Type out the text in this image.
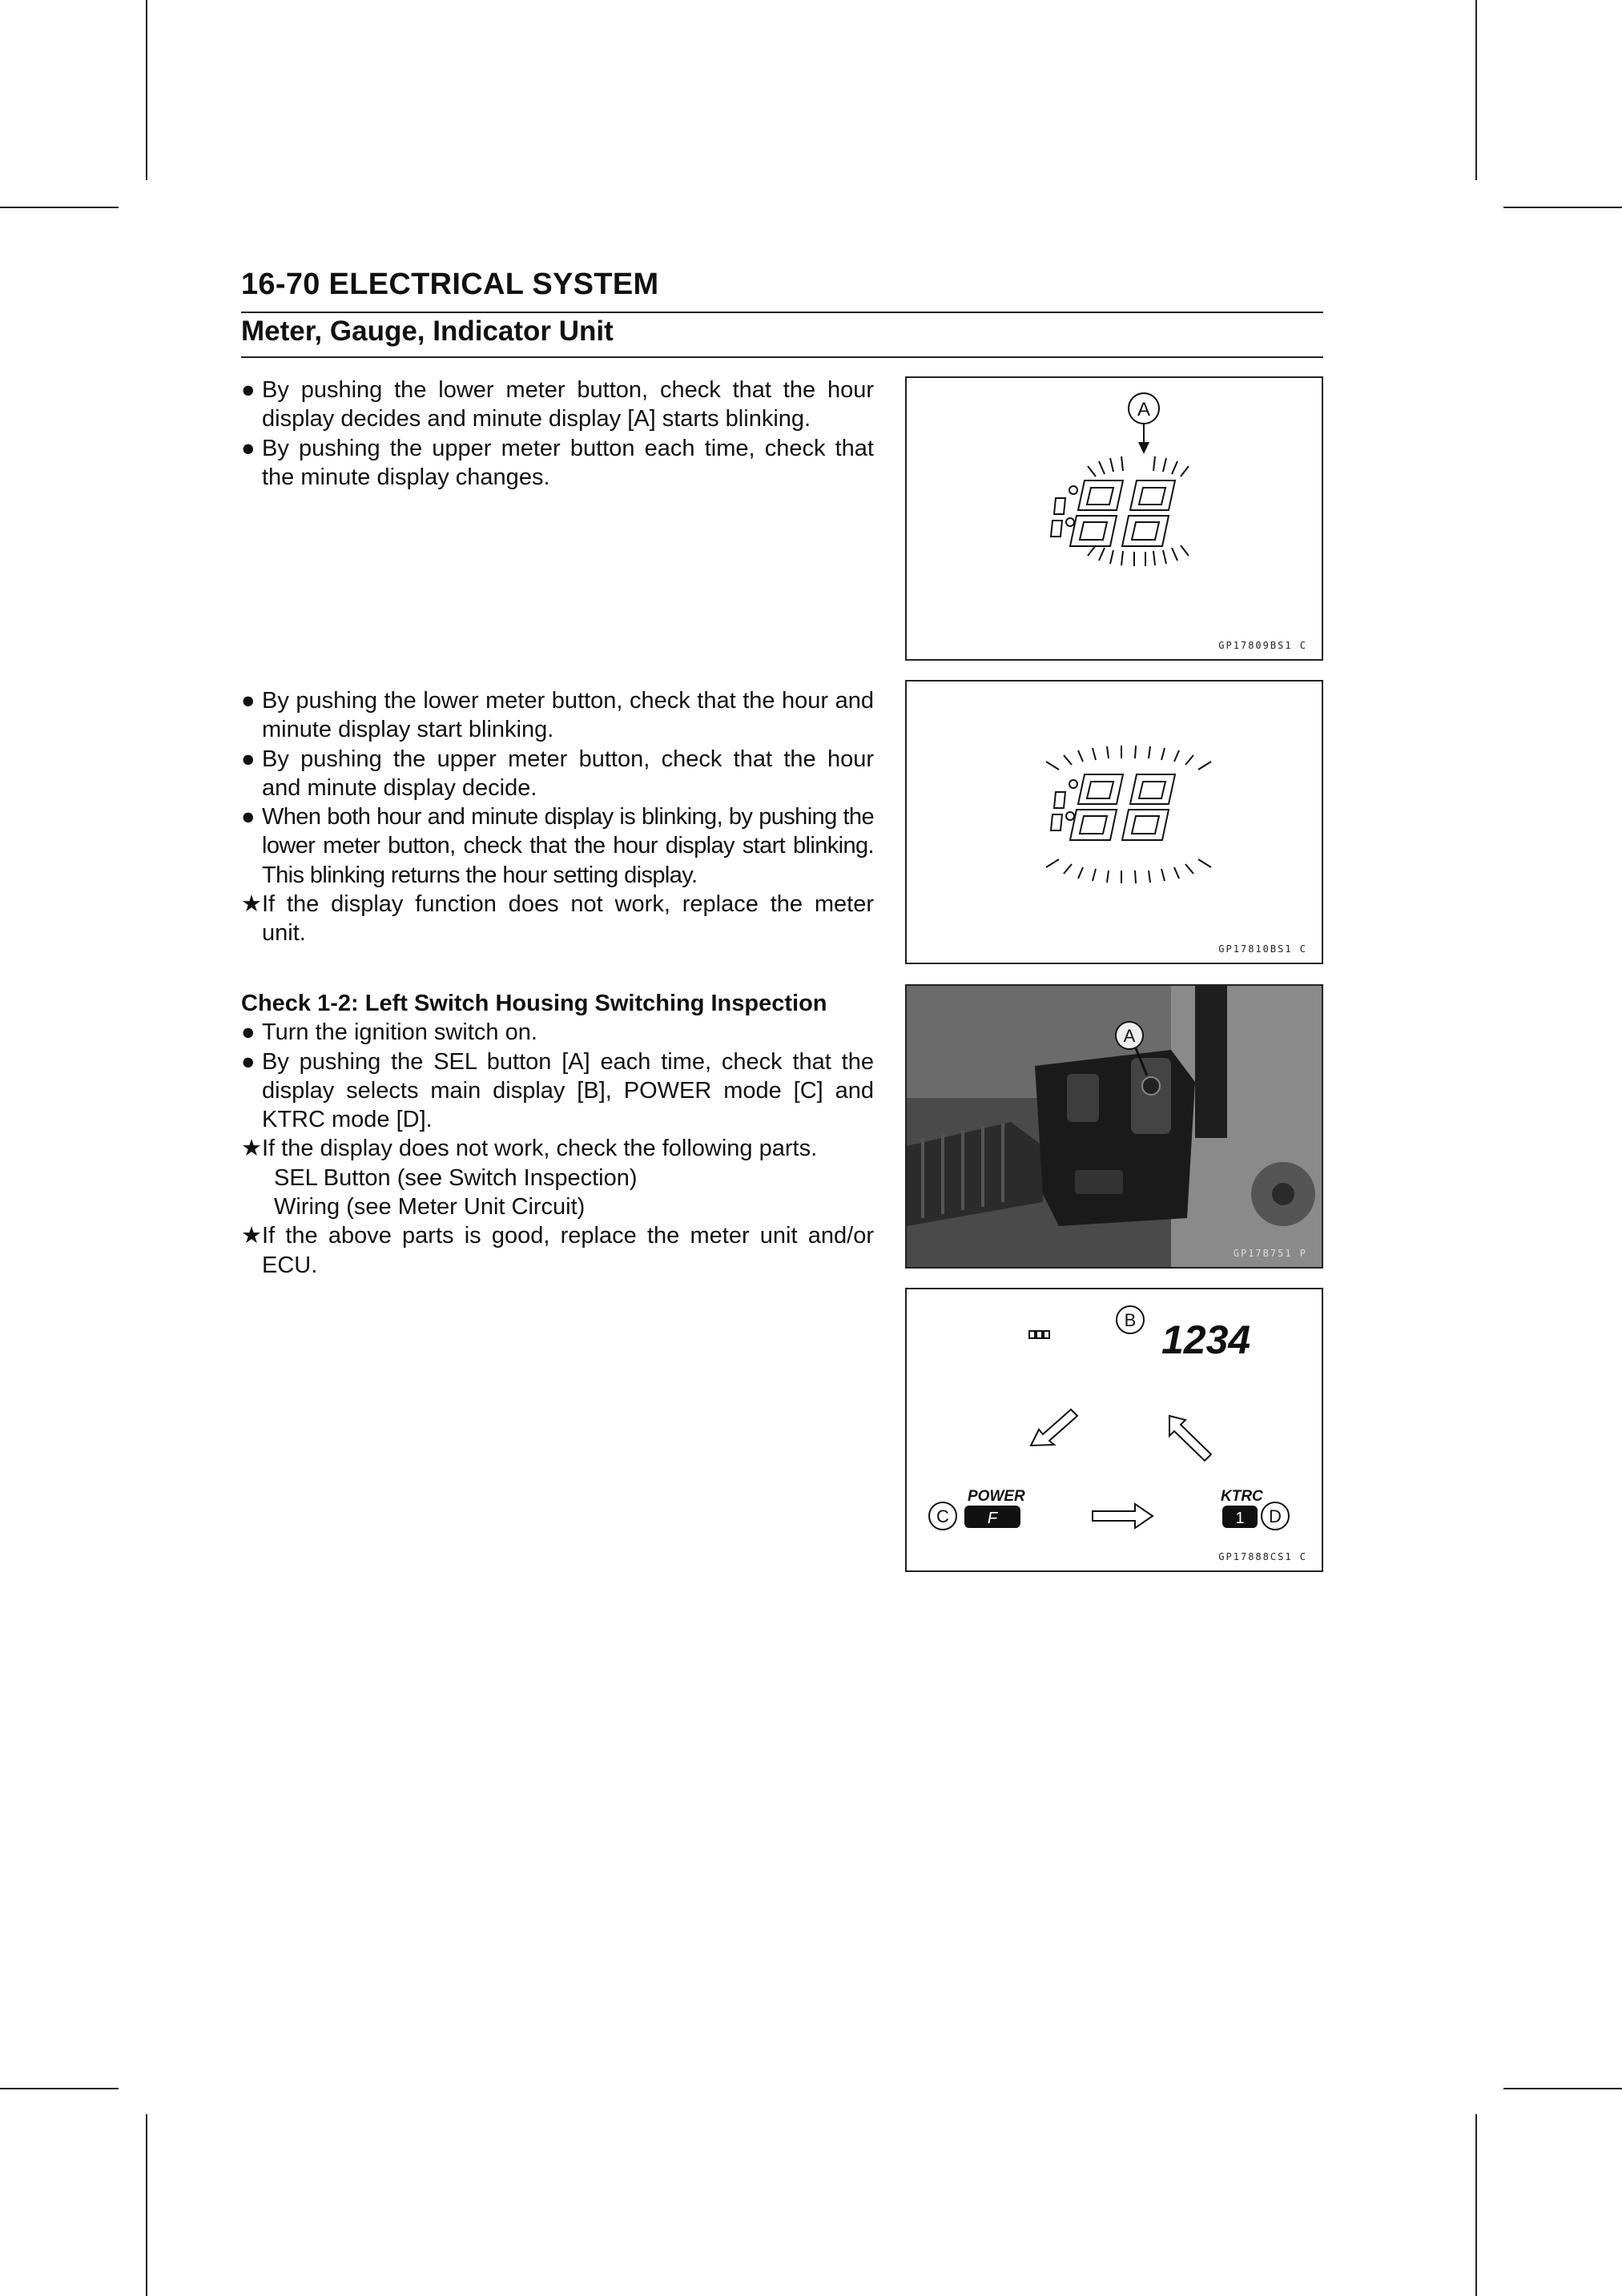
16-70 ELECTRICAL SYSTEM
Meter, Gauge, Indicator Unit
● By pushing the lower meter button, check that the hour display decides and minute display [A] starts blinking.
● By pushing the upper meter button each time, check that the minute display changes.
● By pushing the lower meter button, check that the hour and minute display start blinking.
● By pushing the upper meter button, check that the hour and minute display decide.
● When both hour and minute display is blinking, by pushing the lower meter button, check that the hour display start blinking. This blinking returns the hour setting display.
★ If the display function does not work, replace the meter unit.
Check 1-2: Left Switch Housing Switching Inspection
● Turn the ignition switch on.
● By pushing the SEL button [A] each time, check that the display selects main display [B], POWER mode [C] and KTRC mode [D].
★ If the display does not work, check the following parts.
SEL Button (see Switch Inspection)
Wiring (see Meter Unit Circuit)
★ If the above parts is good, replace the meter unit and/or ECU.
A
GP17809BS1 C
GP17810BS1 C
A
GP17B751 P
B 1234
C
POWER
F
KTRC
1 D
GP17888CS1 C
